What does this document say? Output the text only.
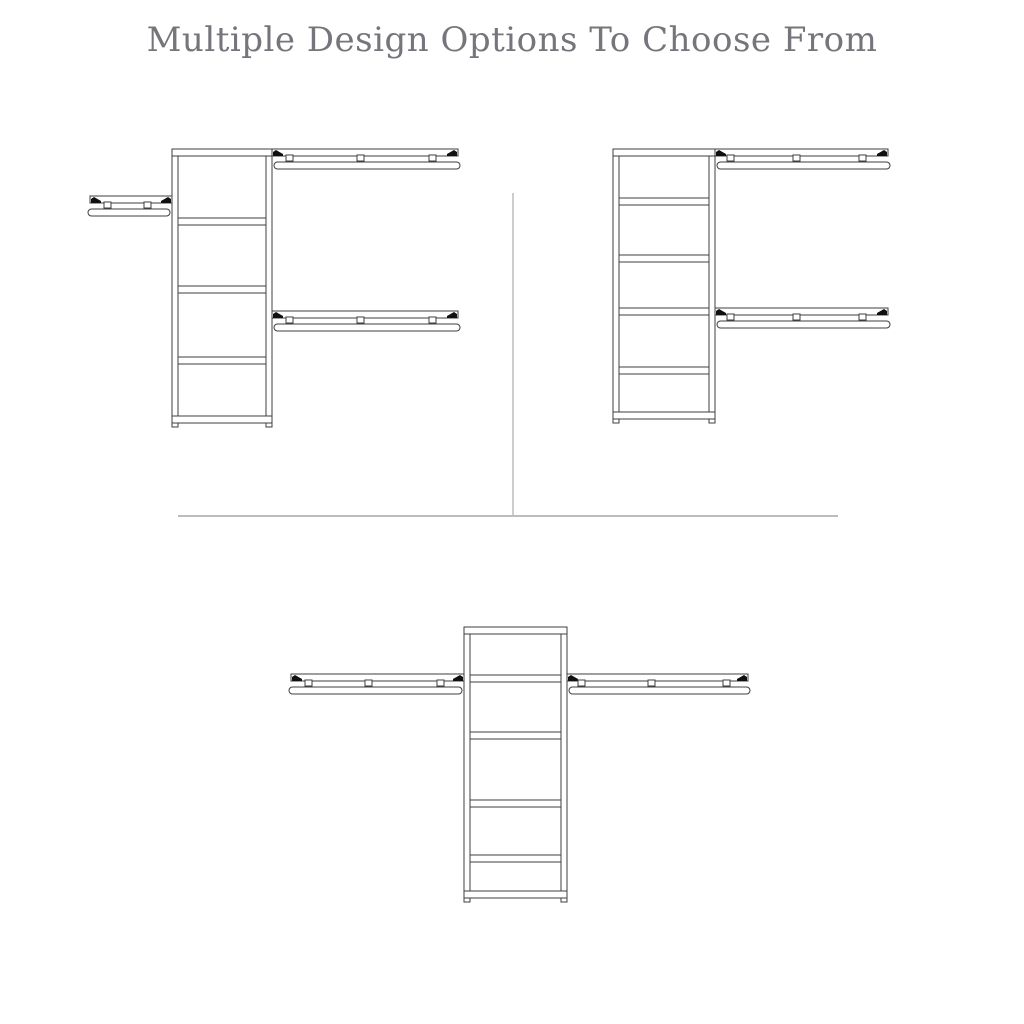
Multiple Design Options To Choose From
